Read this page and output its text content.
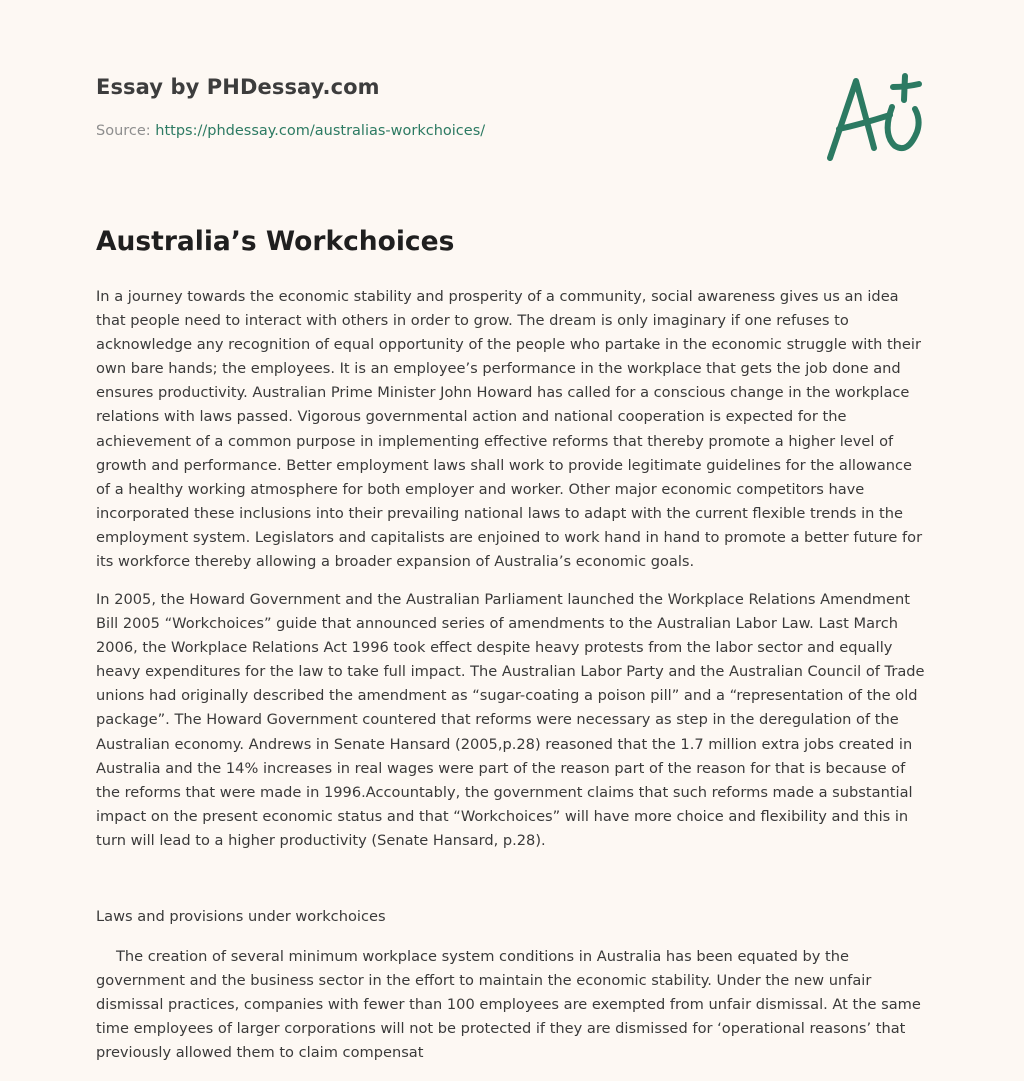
Essay by PHDessay.com
Source: https://phdessay.com/australias-workchoices/
Australia’s Workchoices

In a journey towards the economic stability and prosperity of a community, social awareness gives us an idea that people need to interact with others in order to grow. The dream is only imaginary if one refuses to acknowledge any recognition of equal opportunity of the people who partake in the economic struggle with their own bare hands; the employees. It is an employee’s performance in the workplace that gets the job done and ensures productivity. Australian Prime Minister John Howard has called for a conscious change in the workplace relations with laws passed. Vigorous governmental action and national cooperation is expected for the achievement of a common purpose in implementing effective reforms that thereby promote a higher level of growth and performance. Better employment laws shall work to provide legitimate guidelines for the allowance of a healthy working atmosphere for both employer and worker. Other major economic competitors have incorporated these inclusions into their prevailing national laws to adapt with the current flexible trends in the employment system. Legislators and capitalists are enjoined to work hand in hand to promote a better future for its workforce thereby allowing a broader expansion of Australia’s economic goals.

In 2005, the Howard Government and the Australian Parliament launched the Workplace Relations Amendment Bill 2005 “Workchoices” guide that announced series of amendments to the Australian Labor Law. Last March 2006, the Workplace Relations Act 1996 took effect despite heavy protests from the labor sector and equally heavy expenditures for the law to take full impact. The Australian Labor Party and the Australian Council of Trade unions had originally described the amendment as “sugar-coating a poison pill” and a “representation of the old package”. The Howard Government countered that reforms were necessary as step in the deregulation of the Australian economy. Andrews in Senate Hansard (2005,p.28) reasoned that the 1.7 million extra jobs created in Australia and the 14% increases in real wages were part of the reason part of the reason for that is because of the reforms that were made in 1996.Accountably, the government claims that such reforms made a substantial impact on the present economic status and that “Workchoices” will have more choice and flexibility and this in turn will lead to a higher productivity (Senate Hansard, p.28).

Laws and provisions under workchoices

The creation of several minimum workplace system conditions in Australia has been equated by the government and the business sector in the effort to maintain the economic stability. Under the new unfair dismissal practices, companies with fewer than 100 employees are exempted from unfair dismissal. At the same time employees of larger corporations will not be protected if they are dismissed for ‘operational reasons’ that previously allowed them to claim compensat
